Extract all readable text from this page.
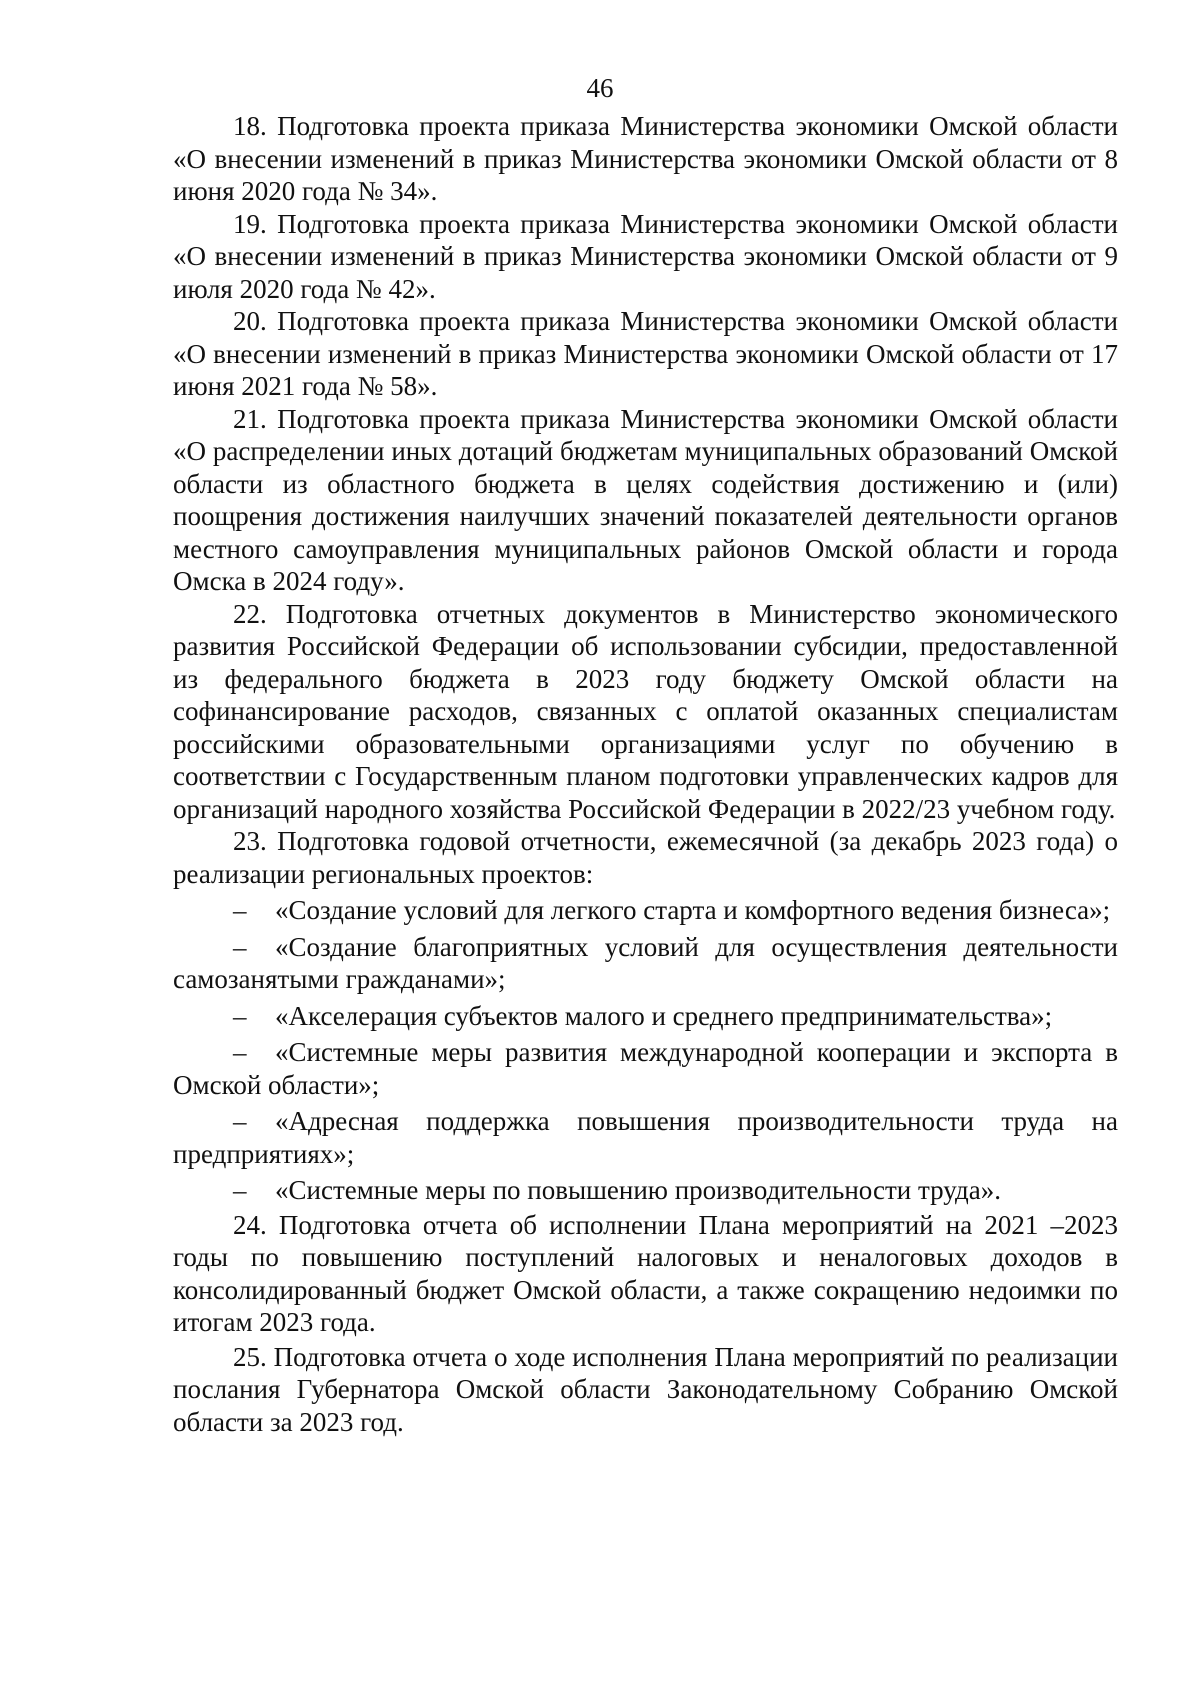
46

18. Подготовка проекта приказа Министерства экономики Омской области «О внесении изменений в приказ Министерства экономики Омской области от 8 июня 2020 года № 34».

19. Подготовка проекта приказа Министерства экономики Омской области «О внесении изменений в приказ Министерства экономики Омской области от 9 июля 2020 года № 42».

20. Подготовка проекта приказа Министерства экономики Омской области «О внесении изменений в приказ Министерства экономики Омской области от 17 июня 2021 года № 58».

21. Подготовка проекта приказа Министерства экономики Омской области «О распределении иных дотаций бюджетам муниципальных образований Омской области из областного бюджета в целях содействия достижению и (или) поощрения достижения наилучших значений показателей деятельности органов местного самоуправления муниципальных районов Омской области и города Омска в 2024 году».

22. Подготовка отчетных документов в Министерство экономического развития Российской Федерации об использовании субсидии, предоставленной из федерального бюджета в 2023 году бюджету Омской области на софинансирование расходов, связанных с оплатой оказанных специалистам российскими образовательными организациями услуг по обучению в соответствии с Государственным планом подготовки управленческих кадров для организаций народного хозяйства Российской Федерации в 2022/23 учебном году.

23. Подготовка годовой отчетности, ежемесячной (за декабрь 2023 года) о реализации региональных проектов:

– «Создание условий для легкого старта и комфортного ведения бизнеса»;

– «Создание благоприятных условий для осуществления деятельности самозанятыми гражданами»;

– «Акселерация субъектов малого и среднего предпринимательства»;

– «Системные меры развития международной кооперации и экспорта в Омской области»;

– «Адресная поддержка повышения производительности труда на предприятиях»;

– «Системные меры по повышению производительности труда».

24. Подготовка отчета об исполнении Плана мероприятий на 2021 –2023 годы по повышению поступлений налоговых и неналоговых доходов в консолидированный бюджет Омской области, а также сокращению недоимки по итогам 2023 года.

25. Подготовка отчета о ходе исполнения Плана мероприятий по реализации послания Губернатора Омской области Законодательному Собранию Омской области за 2023 год.
